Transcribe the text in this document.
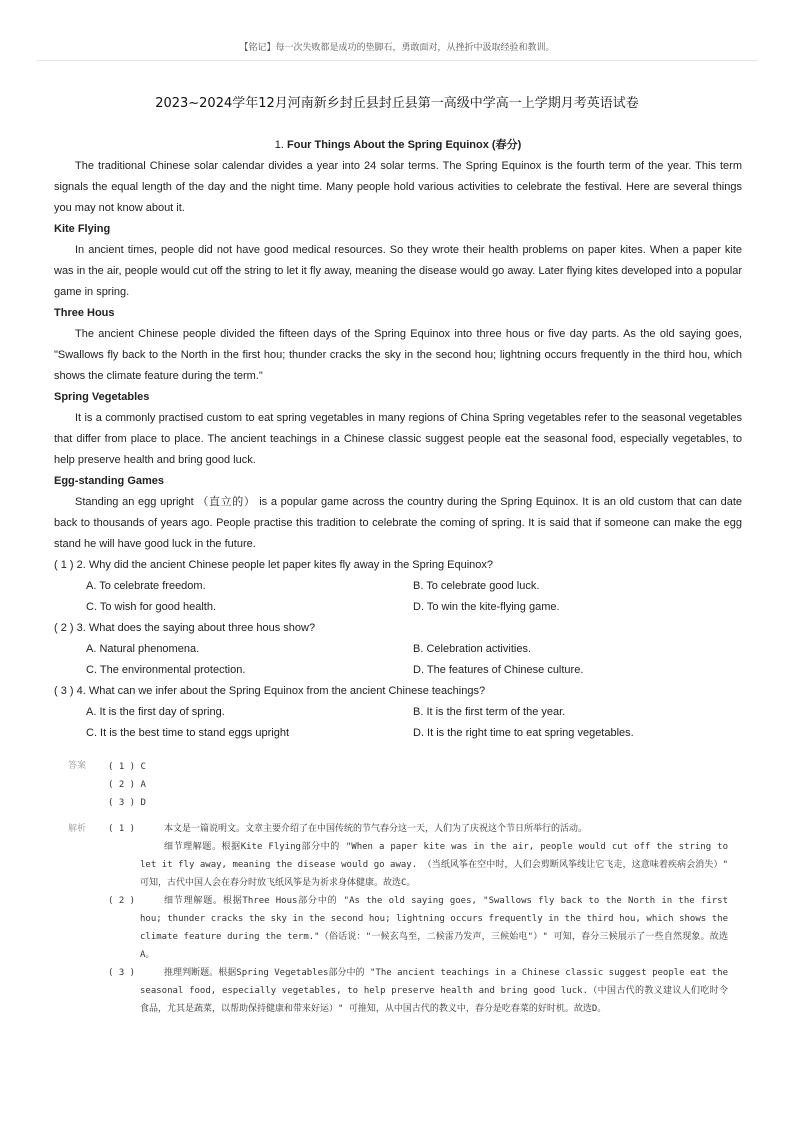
【铭记】每一次失败都是成功的垫脚石，勇敢面对，从挫折中汲取经验和教训。
2023~2024学年12月河南新乡封丘县封丘县第一高级中学高一上学期月考英语试卷
1. Four Things About the Spring Equinox (春分)

The traditional Chinese solar calendar divides a year into 24 solar terms. The Spring Equinox is the fourth term of the year. This term signals the equal length of the day and the night time. Many people hold various activities to celebrate the festival. Here are several things you may not know about it.

Kite Flying

In ancient times, people did not have good medical resources. So they wrote their health problems on paper kites. When a paper kite was in the air, people would cut off the string to let it fly away, meaning the disease would go away. Later flying kites developed into a popular game in spring.

Three Hous

The ancient Chinese people divided the fifteen days of the Spring Equinox into three hous or five day parts. As the old saying goes, "Swallows fly back to the North in the first hou; thunder cracks the sky in the second hou; lightning occurs frequently in the third hou, which shows the climate feature during the term."

Spring Vegetables

It is a commonly practised custom to eat spring vegetables in many regions of China Spring vegetables refer to the seasonal vegetables that differ from place to place. The ancient teachings in a Chinese classic suggest people eat the seasonal food, especially vegetables, to help preserve health and bring good luck.

Egg-standing Games

Standing an egg upright （直立的） is a popular game across the country during the Spring Equinox. It is an old custom that can date back to thousands of years ago. People practise this tradition to celebrate the coming of spring. It is said that if someone can make the egg stand he will have good luck in the future.

( 1 ) 2. Why did the ancient Chinese people let paper kites fly away in the Spring Equinox?

A. To celebrate freedom.	B. To celebrate good luck.
C. To wish for good health.	D. To win the kite-flying game.

( 2 ) 3. What does the saying about three hous show?

A. Natural phenomena.	B. Celebration activities.
C. The environmental protection.	D. The features of Chinese culture.

( 3 ) 4. What can we infer about the Spring Equinox from the ancient Chinese teachings?

A. It is the first day of spring.	B. It is the first term of the year.
C. It is the best time to stand eggs upright	D. It is the right time to eat spring vegetables.
答案 ( 1 ) C
( 2 ) A
( 3 ) D
解析	( 1 )	本文是一篇说明文。文章主要介绍了在中国传统的节气春分这一天，人们为了庆祝这个节日所举行的活动。
细节理解题。根据Kite Flying部分中的 "When a paper kite was in the air, people would cut off the string to let it fly away, meaning the disease would go away. （当纸风筝在空中时，人们会剪断风筝线让它飞走，这意味着疾病会消失）" 可知，古代中国人会在春分时放飞纸风筝是为祈求身体健康。故选C。
( 2 )	细节理解题。根据Three Hous部分中的 "As the old saying goes, "Swallows fly back to the North in the first hou; thunder cracks the sky in the second hou; lightning occurs frequently in the third hou, which shows the climate feature during the term."（俗话说："一候玄鸟至，二候雷乃发声，三候始电"）" 可知，春分三候展示了一些自然现象。故选A。
( 3 )	推理判断题。根据Spring Vegetables部分中的 "The ancient teachings in a Chinese classic suggest people eat the seasonal food, especially vegetables, to help preserve health and bring good luck.（中国古代的教义建议人们吃时令食品，尤其是蔬菜，以帮助保持健康和带来好运）" 可推知，从中国古代的教义中，春分是吃春菜的好时机。故选D。
